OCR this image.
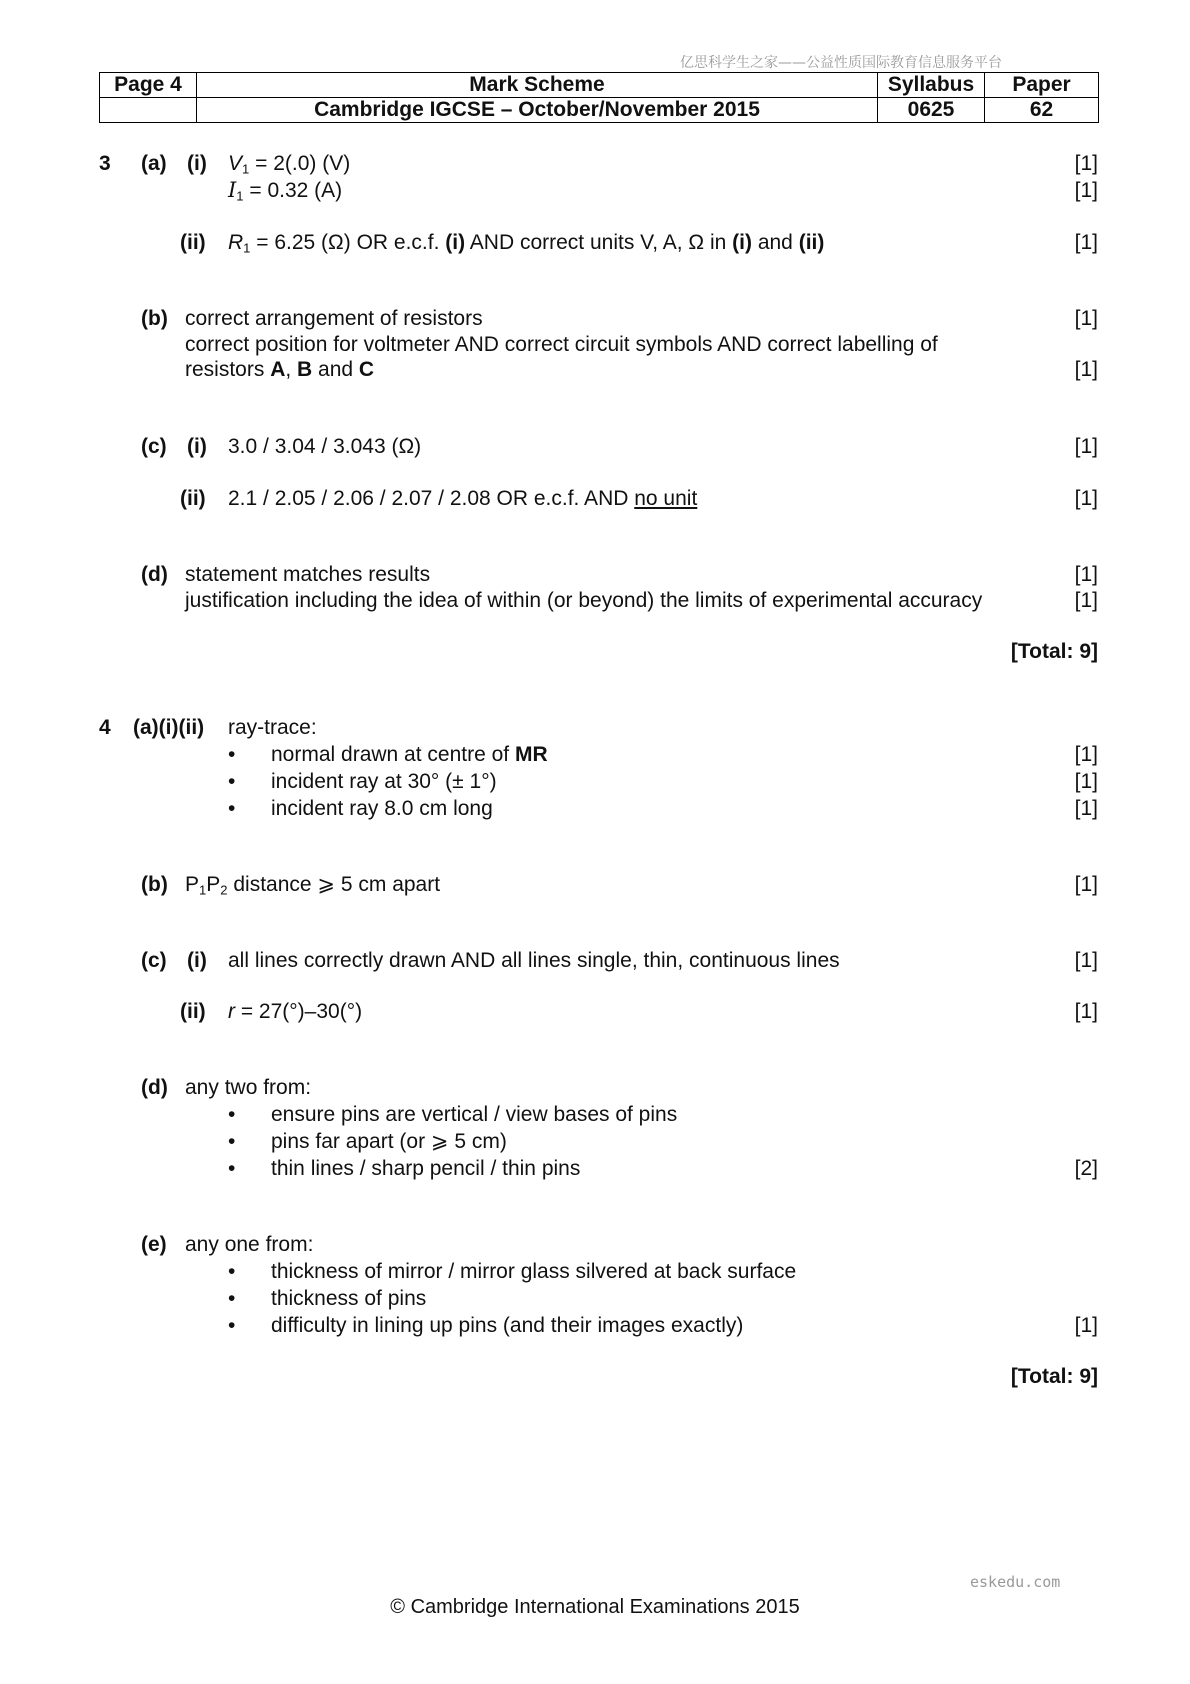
亿思科学生之家——公益性质国际教育信息服务平台
Page 4	Mark Scheme	Syllabus	Paper
	Cambridge IGCSE – October/November 2015	0625	62
3 (a) (i) $V_1 = 2(.0)$ (V)	[1]
$I_1 = 0.32$ (A)	[1]
(ii) $R_1 = 6.25$ (Ω) OR e.c.f. (i) AND correct units V, A, Ω in (i) and (ii)	[1]
(b) correct arrangement of resistors	[1]
correct position for voltmeter AND correct circuit symbols AND correct labelling of
resistors A, B and C	[1]
(c) (i) 3.0 / 3.04 / 3.043 (Ω)	[1]
(ii) 2.1 / 2.05 / 2.06 / 2.07 / 2.08 OR e.c.f. AND no unit	[1]
(d) statement matches results	[1]
justification including the idea of within (or beyond) the limits of experimental accuracy	[1]
[Total: 9]
4 (a)(i)(ii) ray-trace:
• normal drawn at centre of MR	[1]
• incident ray at 30° (± 1°)	[1]
• incident ray 8.0 cm long	[1]
(b) $P_1P_2$ distance ⩾ 5 cm apart	[1]
(c) (i) all lines correctly drawn AND all lines single, thin, continuous lines	[1]
(ii) r = 27(°)–30(°)	[1]
(d) any two from:
• ensure pins are vertical / view bases of pins
• pins far apart (or ⩾ 5 cm)
• thin lines / sharp pencil / thin pins	[2]
(e) any one from:
• thickness of mirror / mirror glass silvered at back surface
• thickness of pins
• difficulty in lining up pins (and their images exactly)	[1]
[Total: 9]
eskedu.com
© Cambridge International Examinations 2015
